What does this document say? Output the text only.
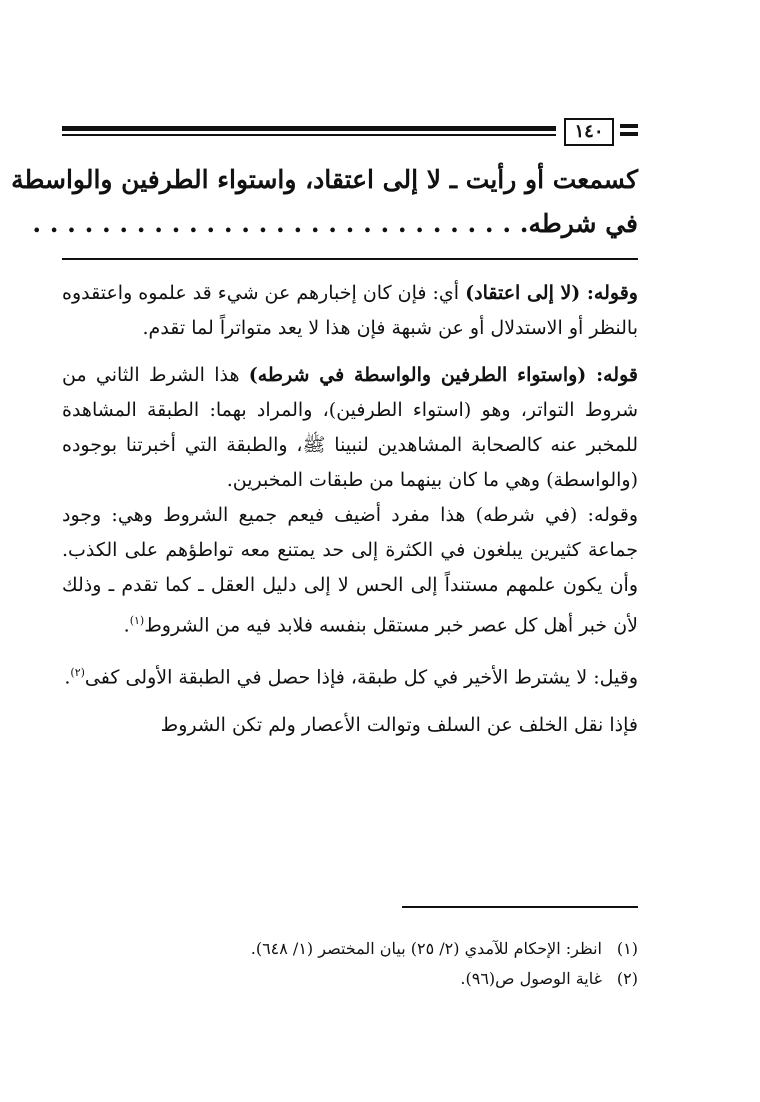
١٤٠

كسمعت أو رأيت ـ لا إلى اعتقاد، واستواء الطرفين والواسطة

في شرطه. . . . . . . . . . . . . . . . . . . . . . . . . . . . .

وقوله: (لا إلى اعتقاد) أي: فإن كان إخبارهم عن شيء قد علموه واعتقدوه بالنظر أو الاستدلال أو عن شبهة فإن هذا لا يعد متواتراً لما تقدم.

قوله: (واستواء الطرفين والواسطة في شرطه) هذا الشرط الثاني من شروط التواتر، وهو (استواء الطرفين)، والمراد بهما: الطبقة المشاهدة للمخبر عنه كالصحابة المشاهدين لنبينا ﷺ، والطبقة التي أخبرتنا بوجوده (والواسطة) وهي ما كان بينهما من طبقات المخبرين.

وقوله: (في شرطه) هذا مفرد أضيف فيعم جميع الشروط وهي: وجود جماعة كثيرين يبلغون في الكثرة إلى حد يمتنع معه تواطؤهم على الكذب. وأن يكون علمهم مستنداً إلى الحس لا إلى دليل العقل ـ كما تقدم ـ وذلك لأن خبر أهل كل عصر خبر مستقل بنفسه فلابد فيه من الشروط$^{(١)}$.

وقيل: لا يشترط الأخير في كل طبقة، فإذا حصل في الطبقة الأولى كفى$^{(٢)}$.

فإذا نقل الخلف عن السلف وتوالت الأعصار ولم تكن الشروط

(١)انظر: الإحكام للآمدي (٢/ ٢٥) بيان المختصر (١/ ٦٤٨).
(٢)غاية الوصول ص(٩٦).
